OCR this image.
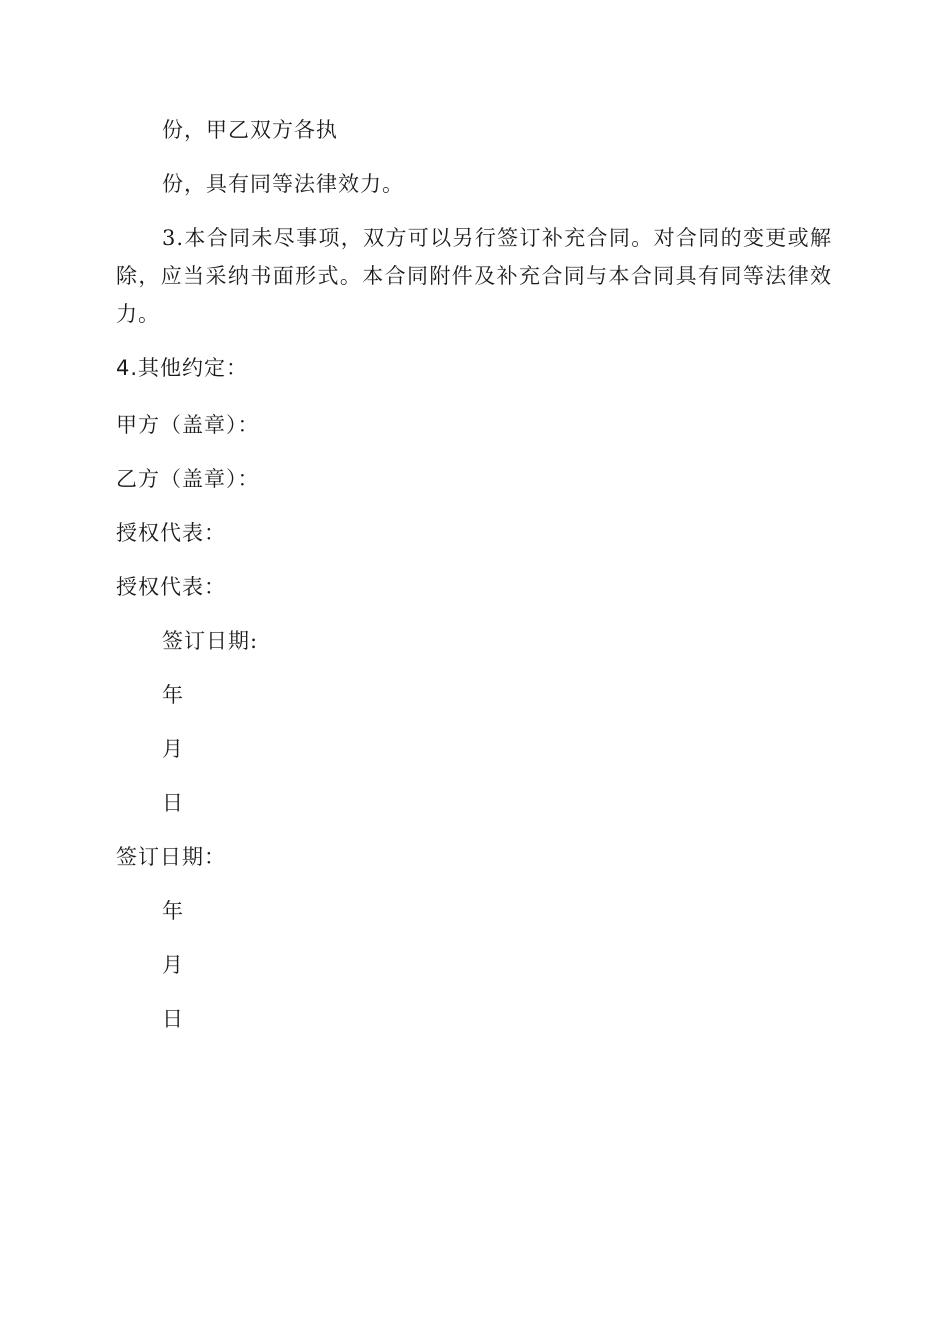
份，甲乙双方各执
份，具有同等法律效力。
3.本合同未尽事项，双方可以另行签订补充合同。对合同的变更或解除，应当采纳书面形式。本合同附件及补充合同与本合同具有同等法律效力。
4.其他约定：
甲方（盖章）：
乙方（盖章）：
授权代表：
授权代表：
签订日期:
年
月
日
签订日期：
年
月
日
